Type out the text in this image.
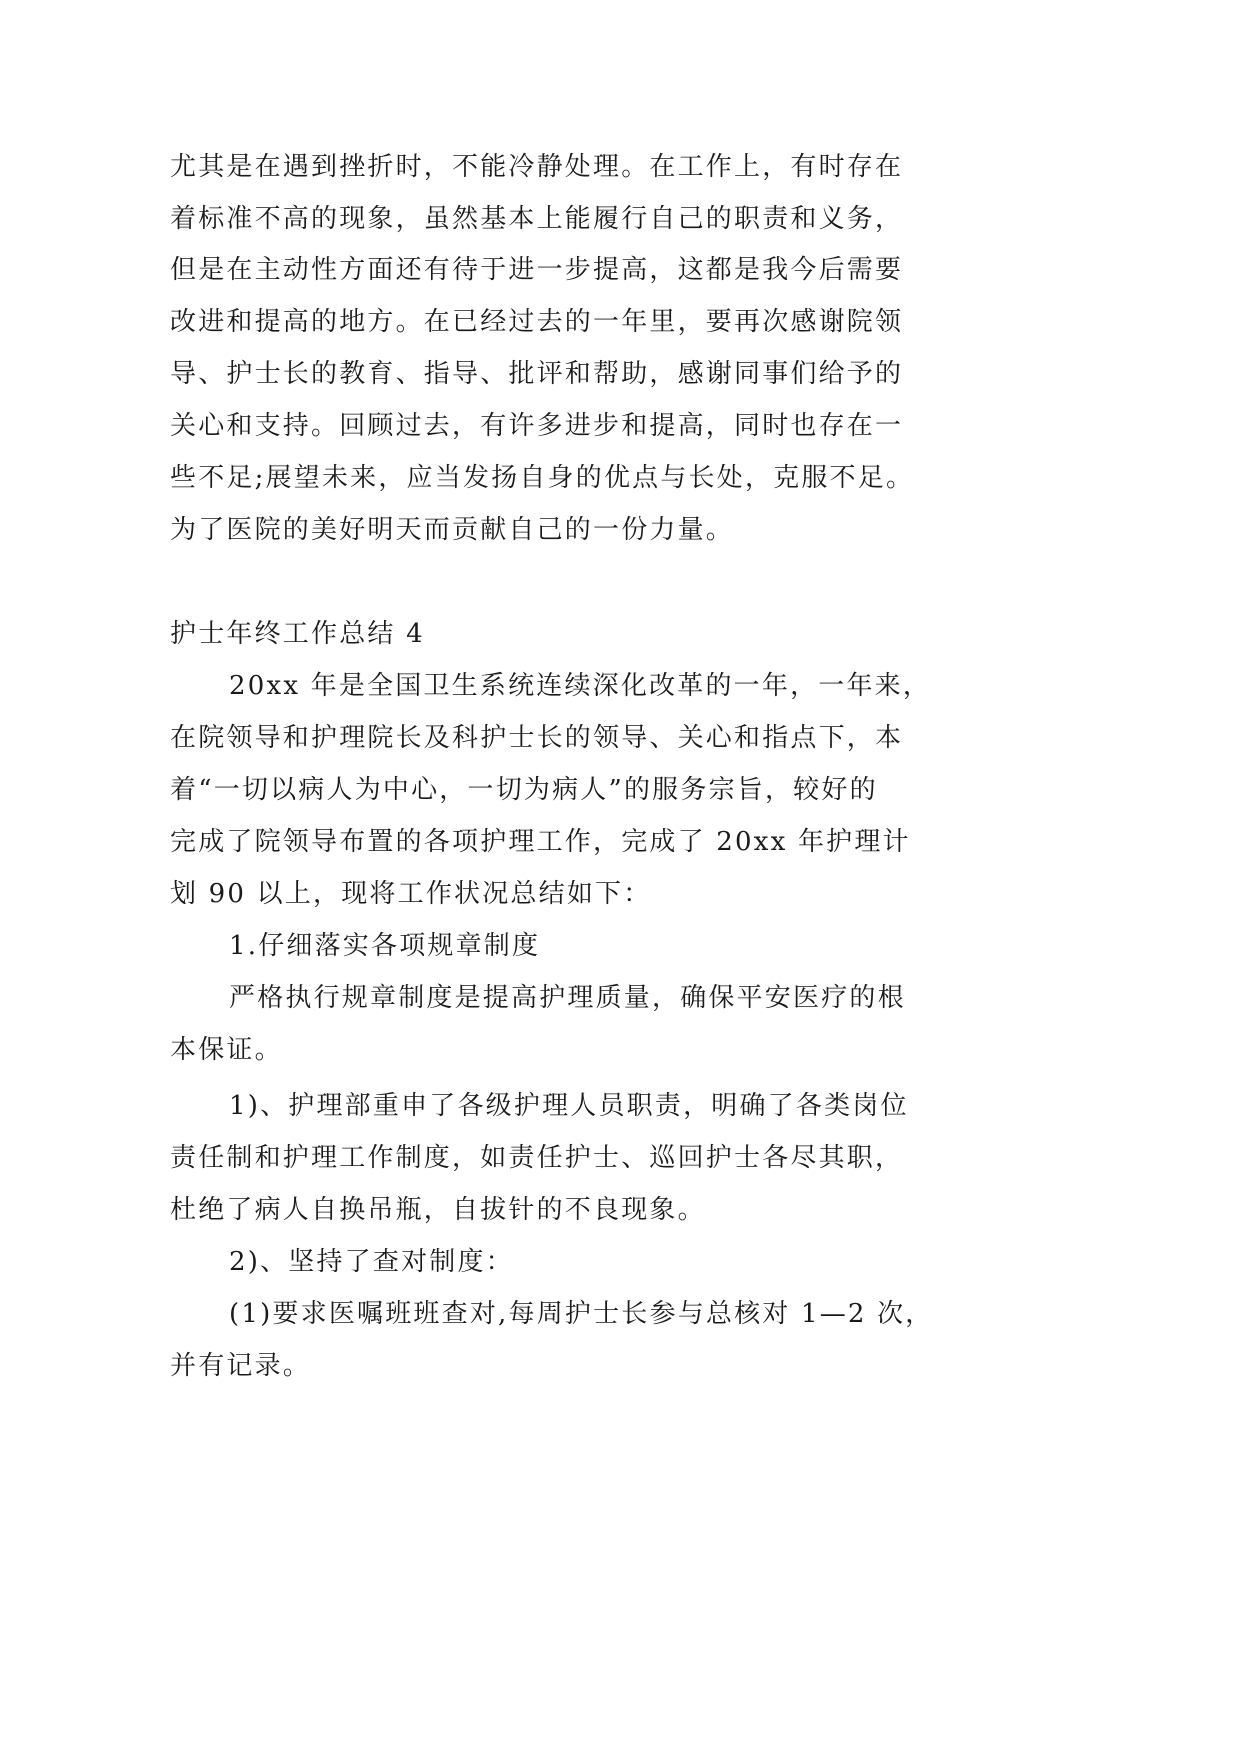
尤其是在遇到挫折时，不能冷静处理。在工作上，有时存在
着标准不高的现象，虽然基本上能履行自己的职责和义务，
但是在主动性方面还有待于进一步提高，这都是我今后需要
改进和提高的地方。在已经过去的一年里，要再次感谢院领
导、护士长的教育、指导、批评和帮助，感谢同事们给予的
关心和支持。回顾过去，有许多进步和提高，同时也存在一
些不足;展望未来，应当发扬自身的优点与长处，克服不足。
为了医院的美好明天而贡献自己的一份力量。
护士年终工作总结 4
20xx 年是全国卫生系统连续深化改革的一年，一年来，
在院领导和护理院长及科护士长的领导、关心和指点下，本
着“一切以病人为中心，一切为病人”的服务宗旨，较好的
完成了院领导布置的各项护理工作，完成了 20xx 年护理计
划 90 以上，现将工作状况总结如下：
1.仔细落实各项规章制度
严格执行规章制度是提高护理质量，确保平安医疗的根
本保证。
1)、护理部重申了各级护理人员职责，明确了各类岗位
责任制和护理工作制度，如责任护士、巡回护士各尽其职，
杜绝了病人自换吊瓶，自拔针的不良现象。
2)、坚持了查对制度：
(1)要求医嘱班班查对,每周护士长参与总核对 1—2 次，
并有记录。
